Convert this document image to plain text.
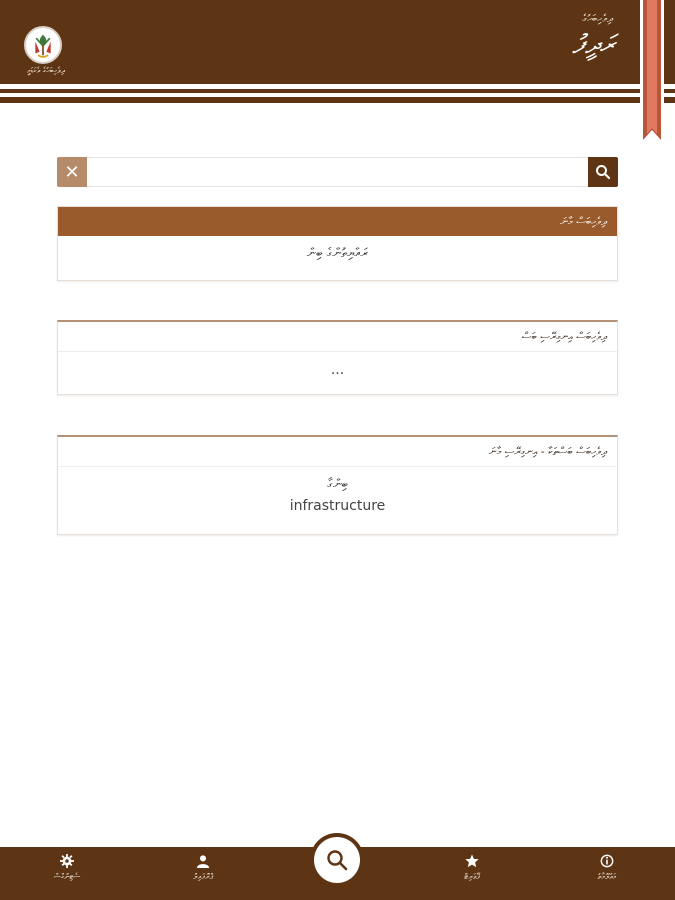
ދިވެހިބަހުގެ އެކަޑަމީ
ދިވެހިބަހުގެ
ރަދީފު
✕
ދިވެހިބަސް މާނަ
ރައްޔިތުންގެ ބިން
ދިވެހިބަސް އިނގިރޭސި ބަސް
...
ދިވެހިބަސް ބަސްތަކާ - އިނގިރޭސި މާނަ
ބިންގާ
infrastructure
ސެޓިންގްސް	ޕްރޮފައިލް	ފޭވަރިޓް	މަޢުލޫމާތު
